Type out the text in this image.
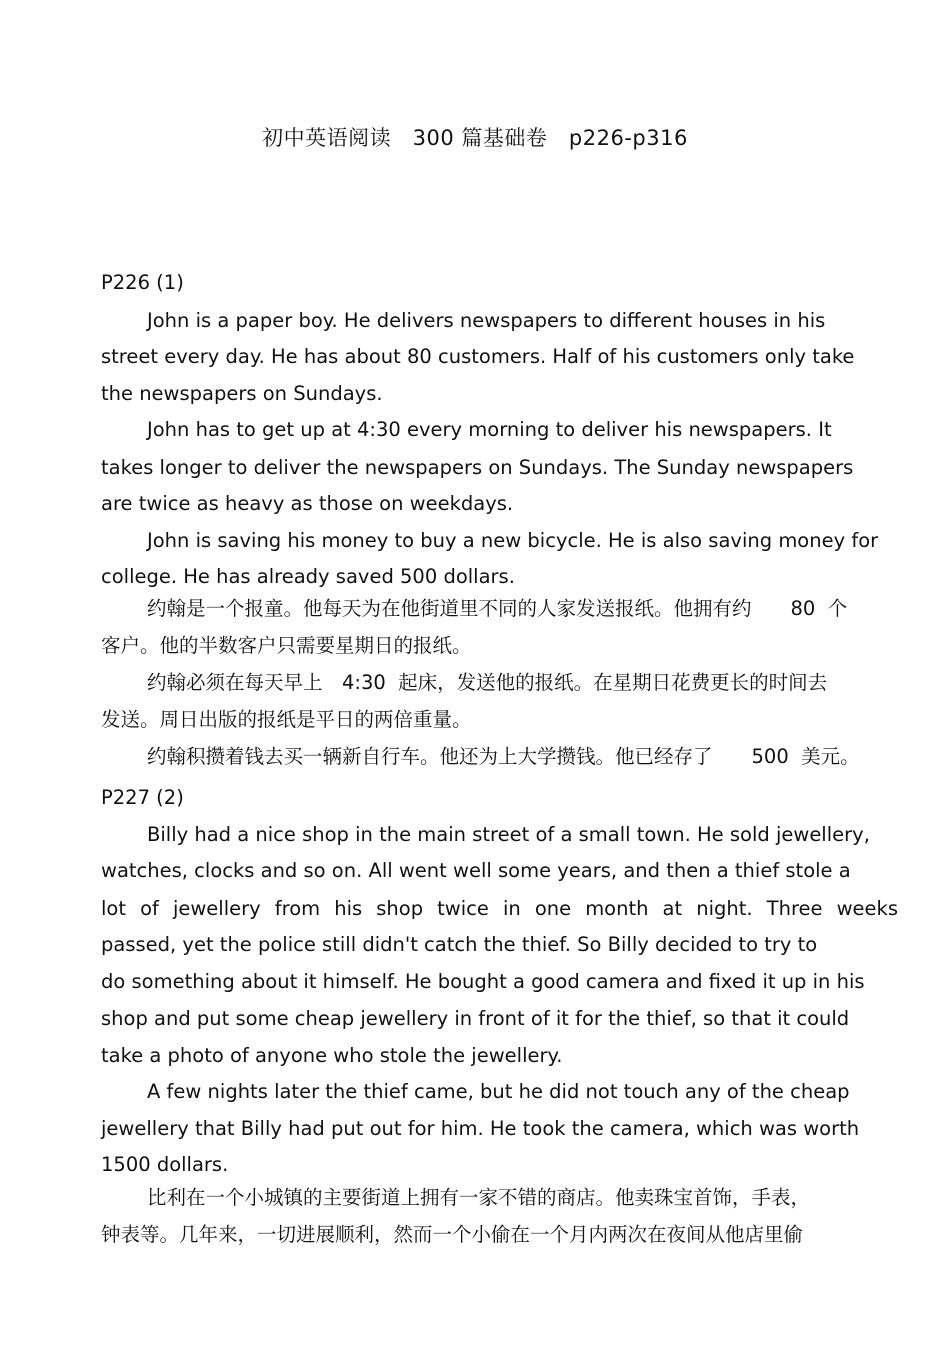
初中英语阅读　300 篇基础卷　p226-p316
P226 (1)
John is a paper boy. He delivers newspapers to different houses in his
street every day. He has about 80 customers. Half of his customers only take
the newspapers on Sundays.
John has to get up at 4:30 every morning to deliver his newspapers. It
takes longer to deliver the newspapers on Sundays. The Sunday newspapers
are twice as heavy as those on weekdays.
John is saving his money to buy a new bicycle. He is also saving money for
college. He has already saved 500 dollars.
约翰是一个报童。他每天为在他街道里不同的人家发送报纸。他拥有约　　80  个
客户。他的半数客户只需要星期日的报纸。
约翰必须在每天早上　4:30  起床，发送他的报纸。在星期日花费更长的时间去
发送。周日出版的报纸是平日的两倍重量。
约翰积攒着钱去买一辆新自行车。他还为上大学攒钱。他已经存了　　500  美元。
P227 (2)
Billy had a nice shop in the main street of a small town. He sold jewellery,
watches, clocks and so on. All went well some years, and then a thief stole a
lot of jewellery from his shop twice in one month at night. Three weeks
passed, yet the police still didn't catch the thief. So Billy decided to try to
do something about it himself. He bought a good camera and fixed it up in his
shop and put some cheap jewellery in front of it for the thief, so that it could
take a photo of anyone who stole the jewellery.
A few nights later the thief came, but he did not touch any of the cheap
jewellery that Billy had put out for him. He took the camera, which was worth
1500 dollars.
比利在一个小城镇的主要街道上拥有一家不错的商店。他卖珠宝首饰，手表，
钟表等。几年来，一切进展顺利，然而一个小偷在一个月内两次在夜间从他店里偷
